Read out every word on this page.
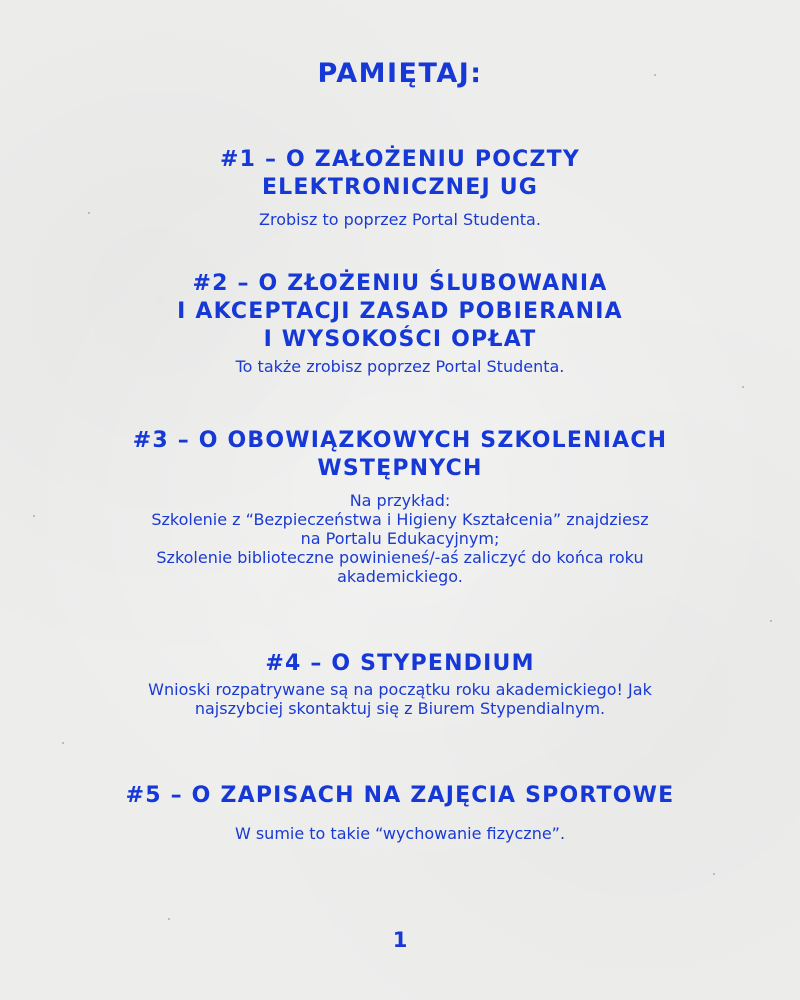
PAMIĘTAJ:
#1 – O ZAŁOŻENIU POCZTY
ELEKTRONICZNEJ UG
Zrobisz to poprzez Portal Studenta.
#2 – O ZŁOŻENIU ŚLUBOWANIA
I AKCEPTACJI ZASAD POBIERANIA
I WYSOKOŚCI OPŁAT
To także zrobisz poprzez Portal Studenta.
#3 – O OBOWIĄZKOWYCH SZKOLENIACH
WSTĘPNYCH
Na przykład:
Szkolenie z “Bezpieczeństwa i Higieny Kształcenia” znajdziesz
na Portalu Edukacyjnym;
Szkolenie biblioteczne powinieneś/-aś zaliczyć do końca roku
akademickiego.
#4 – O STYPENDIUM
Wnioski rozpatrywane są na początku roku akademickiego! Jak
najszybciej skontaktuj się z Biurem Stypendialnym.
#5 – O ZAPISACH NA ZAJĘCIA SPORTOWE
W sumie to takie “wychowanie fizyczne”.
1
